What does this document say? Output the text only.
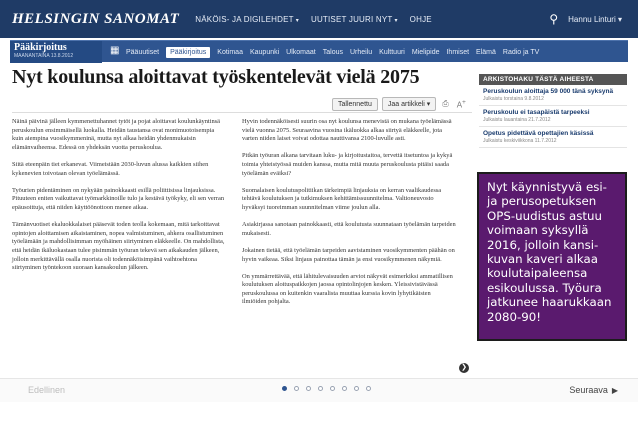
HELSINGIN SANOMAT NÄKÖIS- JA DIGILEHDET ▾ UUTISET JUURI NYT ▾ OHJE	⚲ Hannu Linturi ▾
Pääkirjoitus
MAANANTAINA 13.8.2012	▦ Pääuutiset	Pääkirjoitus	Kotimaa Kaupunki Ulkomaat Talous Urheilu Kulttuuri Mielipide Ihmiset Elämä Radio ja TV
Nyt koulunsa aloittavat työskentelevät vielä 2075
Tallennettu	Jaa artikkeli ▾	⎙ A+

Näinä päivinä jälleen kymmenettuhannet tytöt ja pojat aloittavat koulunkäyntinsä peruskoulun ensimmäisellä luokalla. Heidän taustansa ovat monimuotoisempia kuin aiempina vuosikymmeninä, mutta nyt alkaa heidän yhdenmukaisin elämänvaiheensa. Edessä on yhdeksän vuotta peruskoulua.

Siitä eteenpäin tiet erkanevat. Viimeistään 2030-luvun alussa kaikkien siihen kykenevien toivotaan olevan työelämässä.

Työurien pidentäminen on nykyään painokkaasti esillä poliittisissa linjauksissa. Pituuteen eniten vaikuttavat työmarkkinoille tulo ja kestävä työkyky, eli sen verran epäusoittuja, että niiden käyttöönottoon menee aikaa.

Tämänvuotiset ekaluokkalaiset pääsevät toden teolla kokemaan, mitä tarkoittavat opintojen aloittamisen aikaistaminen, nopea valmistuminen, ahkera osallistuminen työelämään ja mahdollisimman myöhäinen siirtyminen eläkkeelle. On mahdollista, että heidän ikäluokastaan tulee pisimmän työuran tekevä sen aikakauden jälkeen, jolloin merkittävällä osalla nuorista oli todennäköisimpänä vaihtoehtona siirtyminen työntekoon suoraan kansakoulun jälkeen.

Hyvin todennäköisesti suurin osa nyt koulunsa menevistä on mukana työelämässä vielä vuonna 2075. Seuraavina vuosina ikäluokka alkaa siirtyä eläkkeelle, jota varten niiden laiset voivat odottaa nauttivansa 2100-luvulle asti.

Pitkän työuran alkana tarvitaan luku- ja kirjoitustaitoa, tervettä itsetuntoa ja kykyä toimia yhteistyössä muiden kanssa, mutta mitä muuta peruskoulusta pitäisi saada työelämän eväiksi?

Suomalaisen koulutuspolitiikan tärkeimpiä linjauksia on kerran vaalikaudessa tehtävä koulutuksen ja tutkimuksen kehittämissuunnitelma. Valtioneuvosto hyväksyi tuoreimman suunnitelman viime joulun alla.

Asiakirjassa sanotaan painokkaasti, että koulutusta suunnataan työelämän tarpeiden mukaisesti.

Jokainen tietää, että työelämän tarpeiden aavistaminen vuosikymmenten päähän on hyvin vaikeaa. Siksi linjaus painottaa tämän ja ensi vuosikymmenen näkymiä.

On ymmärrettävää, että lähitulevaisuuden arviot näkyvät esimerkiksi ammatillisen koulutuksen aloituspaikkojen jaossa opintolinjojen kesken. Yleissivistävässä peruskoulussa on kuitenkin vaaralista muuttaa kurssia kovin lyhytikäisten ilmiöiden pohjalta.

ARKISTOHAKU TÄSTÄ AIHEESTA
Peruskoulun aloittaja 59 000 tänä syksynä
Julkaistu torstaina 9.8.2012
Peruskoulu ei tasapäistä tarpeeksi
Julkaistu lauantaina 21.7.2012
Opetus pidettävä opettajien käsissä
Julkaistu keskiviikkona 11.7.2012
Nyt käynnistyvä esi- ja perusopetuksen OPS-uudistus astuu voimaan syksyllä 2016, jolloin kansi-kuvan kaveri alkaa koulutaipaleensa esikoulussa. Työura jatkunee haarukkaan 2080-90!
❯
Edellinen	Seuraava ▶
